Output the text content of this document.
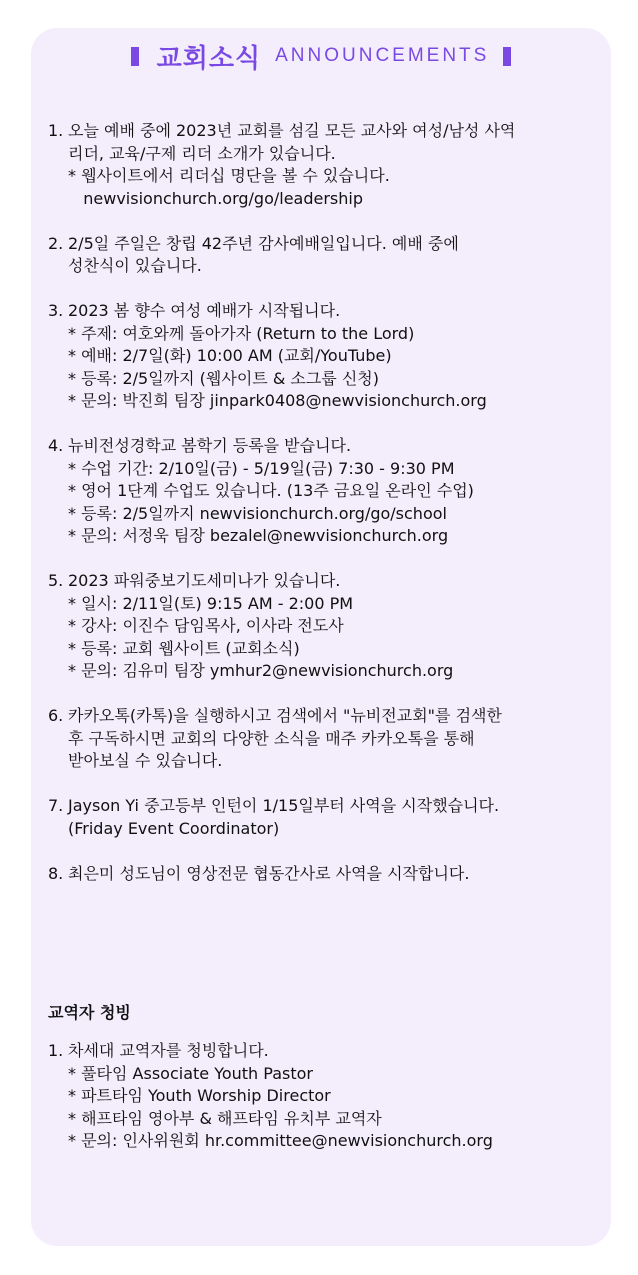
교회소식 ANNOUNCEMENTS
1. 오늘 예배 중에 2023년 교회를 섬길 모든 교사와 여성/남성 사역
리더, 교육/구제 리더 소개가 있습니다.
* 웹사이트에서 리더십 명단을 볼 수 있습니다.
newvisionchurch.org/go/leadership
2. 2/5일 주일은 창립 42주년 감사예배일입니다. 예배 중에
성찬식이 있습니다.
3. 2023 봄 향수 여성 예배가 시작됩니다.
* 주제: 여호와께 돌아가자 (Return to the Lord)
* 예배: 2/7일(화) 10:00 AM (교회/YouTube)
* 등록: 2/5일까지 (웹사이트 & 소그룹 신청)
* 문의: 박진희 팀장 jinpark0408@newvisionchurch.org
4. 뉴비전성경학교 봄학기 등록을 받습니다.
* 수업 기간: 2/10일(금) - 5/19일(금) 7:30 - 9:30 PM
* 영어 1단계 수업도 있습니다. (13주 금요일 온라인 수업)
* 등록: 2/5일까지 newvisionchurch.org/go/school
* 문의: 서정욱 팀장 bezalel@newvisionchurch.org
5. 2023 파워중보기도세미나가 있습니다.
* 일시: 2/11일(토) 9:15 AM - 2:00 PM
* 강사: 이진수 담임목사, 이사라 전도사
* 등록: 교회 웹사이트 (교회소식)
* 문의: 김유미 팀장 ymhur2@newvisionchurch.org
6. 카카오톡(카톡)을 실행하시고 검색에서 "뉴비전교회"를 검색한
후 구독하시면 교회의 다양한 소식을 매주 카카오톡을 통해
받아보실 수 있습니다.
7. Jayson Yi 중고등부 인턴이 1/15일부터 사역을 시작했습니다.
(Friday Event Coordinator)
8. 최은미 성도님이 영상전문 협동간사로 사역을 시작합니다.
교역자 청빙
1. 차세대 교역자를 청빙합니다.
* 풀타임 Associate Youth Pastor
* 파트타임 Youth Worship Director
* 해프타임 영아부 & 해프타임 유치부 교역자
* 문의: 인사위원회 hr.committee@newvisionchurch.org
